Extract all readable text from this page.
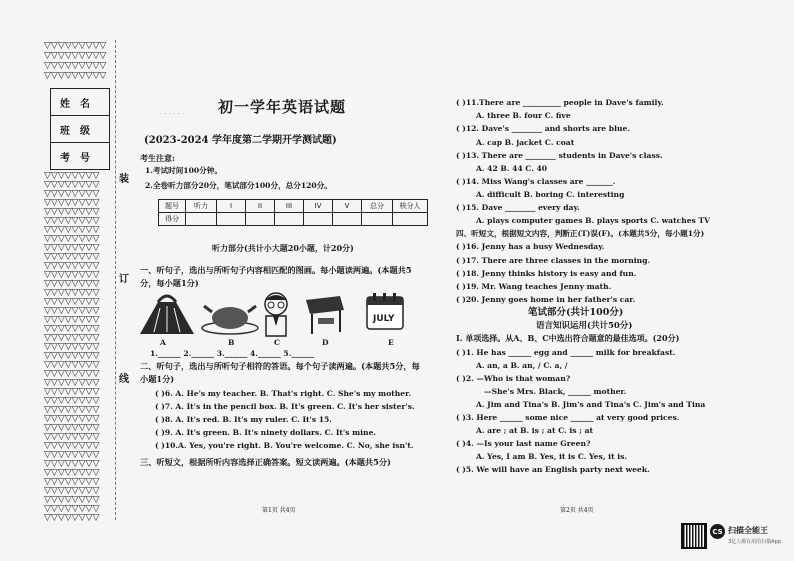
▽▽▽▽▽▽▽▽▽
▽▽▽▽▽▽▽▽▽
▽▽▽▽▽▽▽▽▽
▽▽▽▽▽▽▽▽▽
姓名
班级
考号
▽▽▽▽▽▽▽▽
▽▽▽▽▽▽▽▽
▽▽▽▽▽▽▽▽
▽▽▽▽▽▽▽▽
▽▽▽▽▽▽▽▽
▽▽▽▽▽▽▽▽
▽▽▽▽▽▽▽▽
▽▽▽▽▽▽▽▽
▽▽▽▽▽▽▽▽
▽▽▽▽▽▽▽▽
▽▽▽▽▽▽▽▽
▽▽▽▽▽▽▽▽
▽▽▽▽▽▽▽▽
▽▽▽▽▽▽▽▽
▽▽▽▽▽▽▽▽
▽▽▽▽▽▽▽▽
▽▽▽▽▽▽▽▽
▽▽▽▽▽▽▽▽
▽▽▽▽▽▽▽▽
▽▽▽▽▽▽▽▽
▽▽▽▽▽▽▽▽
▽▽▽▽▽▽▽▽
▽▽▽▽▽▽▽▽
▽▽▽▽▽▽▽▽
▽▽▽▽▽▽▽▽
▽▽▽▽▽▽▽▽
▽▽▽▽▽▽▽▽
▽▽▽▽▽▽▽▽
▽▽▽▽▽▽▽▽
▽▽▽▽▽▽▽▽
▽▽▽▽▽▽▽▽
▽▽▽▽▽▽▽▽
▽▽▽▽▽▽▽▽
▽▽▽▽▽▽▽▽
▽▽▽▽▽▽▽▽
▽▽▽▽▽▽▽▽
▽▽▽▽▽▽▽▽
▽▽▽▽▽▽▽▽
▽▽▽▽▽▽▽▽
装
订
线
初一学年英语试题
(2023-2024 学年度第二学期开学测试题)
· · · · · ·
考生注意:
1.考试时间100分钟。
2.全卷听力部分20分，笔试部分100分，总分120分。
题号	听力	I	II	III	IV	V	总分	核分人
得分								
听力部分(共计小大题20小题，计20分)
一、听句子，选出与所听句子内容相匹配的图画。每小题读两遍。(本题共5
分，每小题1分)
JULY
A	B	C	D	E
1.______ 2.______ 3.______ 4.______ 5.______
二、听句子，选出与所听句子相符的答语。每个句子读两遍。(本题共5分，每
小题1分)
( )6. A. He's my teacher. B. That's right. C. She's my mother.
( )7. A. It's in the pencil box. B. It's green. C. It's her sister's.
( )8. A. It's red. B. It's my ruler. C. It's 15.
( )9. A. It's green. B. It's ninety dollars. C. It's mine.
( )10.A. Yes, you're right. B. You're welcome. C. No, she isn't.
三、听短文，根据所听内容选择正确答案。短文读两遍。(本题共5分)
第1页 共4页
( )11.There are __________ people in Dave's family.
A. three B. four C. five
( )12. Dave's ________ and shorts are blue.
A. cap B. jacket C. coat
( )13. There are ________ students in Dave's class.
A. 42 B. 44 C. 40
( )14. Miss Wang's classes are _______.
A. difficult B. boring C. interesting
( )15. Dave ________ every day.
A. plays computer games B. plays sports C. watches TV
四、听短文，根据短文内容，判断正(T)误(F)。(本题共5分，每小题1分)
( )16. Jenny has a busy Wednesday.
( )17. There are three classes in the morning.
( )18. Jenny thinks history is easy and fun.
( )19. Mr. Wang teaches Jenny math.
( )20. Jenny goes home in her father's car.
笔试部分(共计100分)
语言知识运用(共计50分)
I. 单项选择。从A、B、C中选出符合题意的最佳选项。(20分)
( )1. He has ______ egg and ______ milk for breakfast.
A. an, a B. an, / C. a, /
( )2. —Who is that woman?
—She's Mrs. Black, ______ mother.
A. Jim and Tina's B. Jim's and Tina's C. Jim's and Tina
( )3. Here ______ some nice ______ at very good prices.
A. are ; at B. is ; at C. is ; at
( )4. —Is your last name Green?
A. Yes, I am B. Yes, it is C. Yes, it is.
( )5. We will have an English party next week.
第2页 共4页
CS 扫描全能王
3亿人都在用的扫描App
